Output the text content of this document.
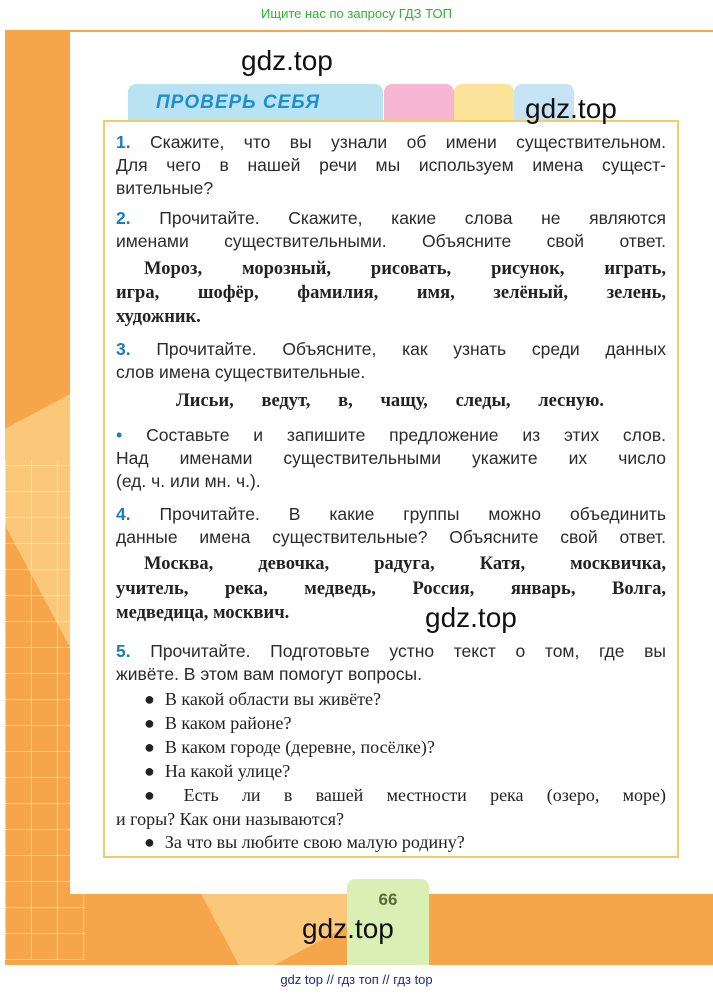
Ищите нас по запросу ГДЗ ТОП
ПРОВЕРЬ СЕБЯ
1. Скажите, что вы узнали об имени существительном.
Для чего в нашей речи мы используем имена сущест-
вительные?
2. Прочитайте. Скажите, какие слова не являются
именами существительными. Объясните свой ответ.
Мороз, морозный, рисовать, рисунок, играть,
игра, шофёр, фамилия, имя, зелёный, зелень,
художник.
3. Прочитайте. Объясните, как узнать среди данных
слов имена существительные.
Лисьи, ведут, в, чащу, следы, лесную.
• Составьте и запишите предложение из этих слов.
Над именами существительными укажите их число
(ед. ч. или мн. ч.).
4. Прочитайте. В какие группы можно объединить
данные имена существительные? Объясните свой ответ.
Москва, девочка, радуга, Катя, москвичка,
учитель, река, медведь, Россия, январь, Волга,
медведица, москвич.
5. Прочитайте. Подготовьте устно текст о том, где вы
живёте. В этом вам помогут вопросы.
● В какой области вы живёте?
● В каком районе?
● В каком городе (деревне, посёлке)?
● На какой улице?
● Есть ли в вашей местности река (озеро, море)
и горы? Как они называются?
● За что вы любите свою малую родину?
66
gdz.top
gdz.top
gdz.top
gdz.top
gdz top // гдз топ // гдз top
